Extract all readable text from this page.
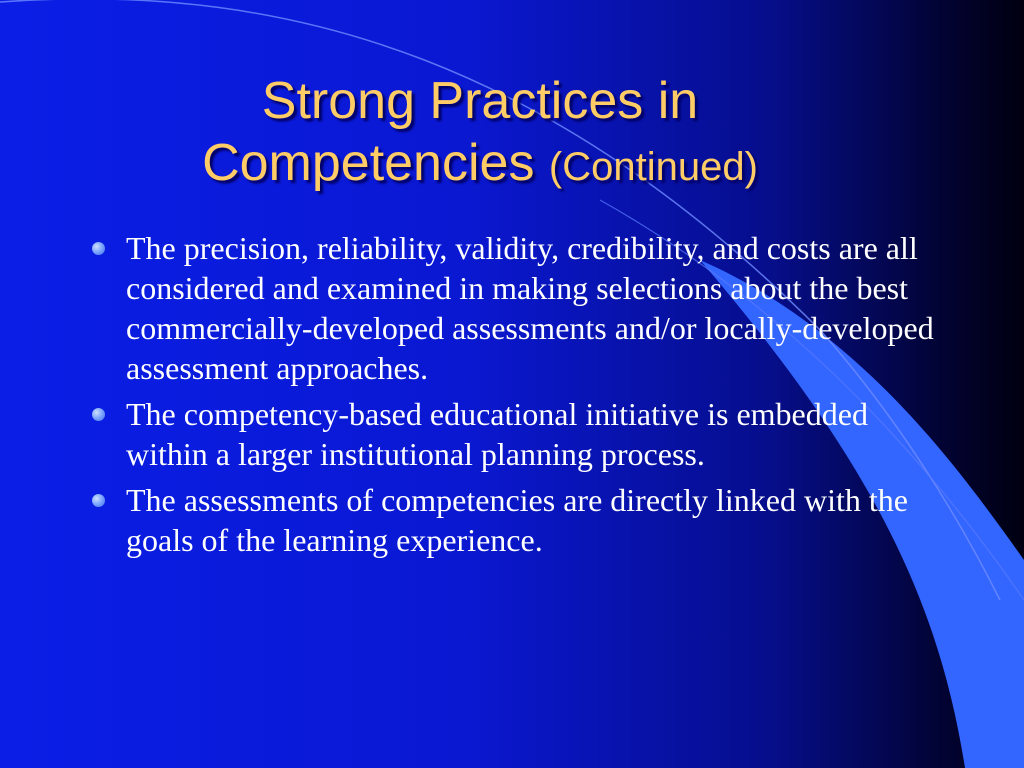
Strong Practices in
Competencies (Continued)
The precision, reliability, validity, credibility, and costs are all considered and examined in making selections about the best commercially-developed assessments and/or locally-developed assessment approaches.
The competency-based educational initiative is embedded within a larger institutional planning process.
The assessments of competencies are directly linked with the goals of the learning experience.
